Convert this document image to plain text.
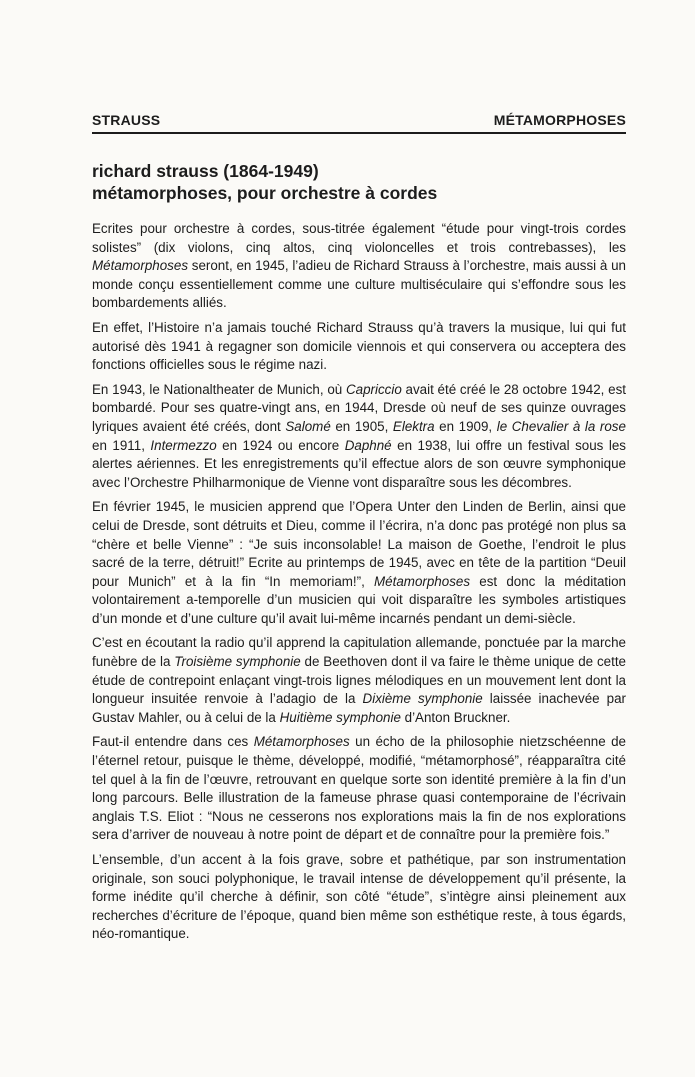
STRAUSS	MÉTAMORPHOSES
richard strauss (1864-1949)
métamorphoses, pour orchestre à cordes

Ecrites pour orchestre à cordes, sous-titrée également “étude pour vingt-trois cordes solistes” (dix violons, cinq altos, cinq violoncelles et trois contrebasses), les Métamorphoses seront, en 1945, l’adieu de Richard Strauss à l’orchestre, mais aussi à un monde conçu essentiellement comme une culture multiséculaire qui s’effondre sous les bombardements alliés.

En effet, l’Histoire n’a jamais touché Richard Strauss qu’à travers la musique, lui qui fut autorisé dès 1941 à regagner son domicile viennois et qui conservera ou acceptera des fonctions officielles sous le régime nazi.

En 1943, le Nationaltheater de Munich, où Capriccio avait été créé le 28 octobre 1942, est bombardé. Pour ses quatre-vingt ans, en 1944, Dresde où neuf de ses quinze ouvrages lyriques avaient été créés, dont Salomé en 1905, Elektra en 1909, le Chevalier à la rose en 1911, Intermezzo en 1924 ou encore Daphné en 1938, lui offre un festival sous les alertes aériennes. Et les enregistrements qu’il effectue alors de son œuvre symphonique avec l’Orchestre Philharmonique de Vienne vont disparaître sous les décombres.

En février 1945, le musicien apprend que l’Opera Unter den Linden de Berlin, ainsi que celui de Dresde, sont détruits et Dieu, comme il l’écrira, n’a donc pas protégé non plus sa “chère et belle Vienne” : “Je suis inconsolable! La maison de Goethe, l’endroit le plus sacré de la terre, détruit!” Ecrite au printemps de 1945, avec en tête de la partition “Deuil pour Munich” et à la fin “In memoriam!”, Métamorphoses est donc la méditation volontairement a-temporelle d’un musicien qui voit disparaître les symboles artistiques d’un monde et d’une culture qu’il avait lui-même incarnés pendant un demi-siècle.

C’est en écoutant la radio qu’il apprend la capitulation allemande, ponctuée par la marche funèbre de la Troisième symphonie de Beethoven dont il va faire le thème unique de cette étude de contrepoint enlaçant vingt-trois lignes mélodiques en un mouvement lent dont la longueur insuitée renvoie à l’adagio de la Dixième symphonie laissée inachevée par Gustav Mahler, ou à celui de la Huitième symphonie d’Anton Bruckner.

Faut-il entendre dans ces Métamorphoses un écho de la philosophie nietzschéenne de l’éternel retour, puisque le thème, développé, modifié, “métamorphosé”, réapparaîtra cité tel quel à la fin de l’œuvre, retrouvant en quelque sorte son identité première à la fin d’un long parcours. Belle illustration de la fameuse phrase quasi contemporaine de l’écrivain anglais T.S. Eliot : “Nous ne cesserons nos explorations mais la fin de nos explorations sera d’arriver de nouveau à notre point de départ et de connaître pour la première fois.”

L’ensemble, d’un accent à la fois grave, sobre et pathétique, par son instrumentation originale, son souci polyphonique, le travail intense de développement qu’il présente, la forme inédite qu’il cherche à définir, son côté “étude”, s’intègre ainsi pleinement aux recherches d’écriture de l’époque, quand bien même son esthétique reste, à tous égards, néo-romantique.
